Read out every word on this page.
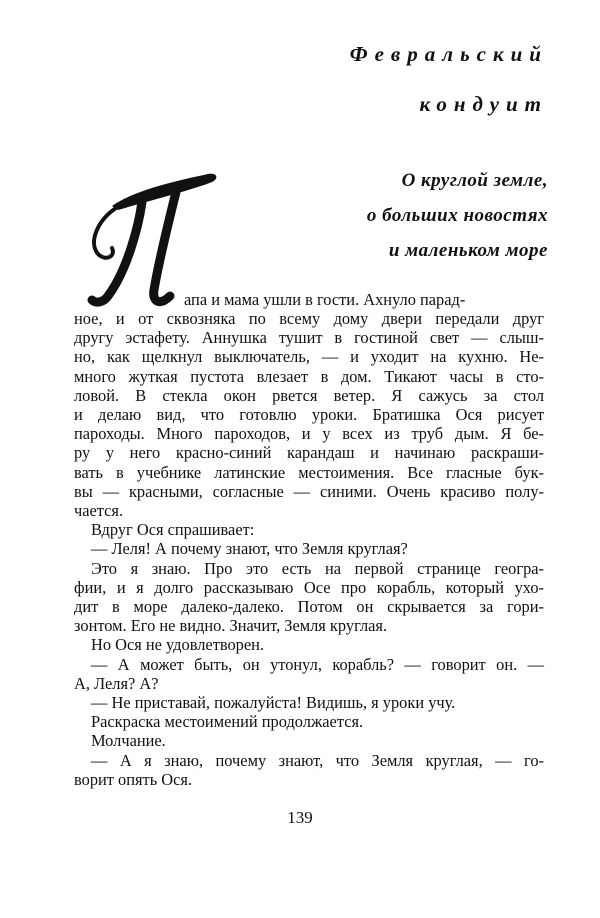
Февральский
кондуит

О круглой земле,

о больших новостях

и маленьком море

апа и мама ушли в гости. Ахнуло парад-
ное, и от сквозняка по всему дому двери передали друг
другу эстафету. Аннушка тушит в гостиной свет — слыш-
но, как щелкнул выключатель, — и уходит на кухню. Не-
много жуткая пустота влезает в дом. Тикают часы в сто-
ловой. В стекла окон рвется ветер. Я сажусь за стол
и делаю вид, что готовлю уроки. Братишка Ося рисует
пароходы. Много пароходов, и у всех из труб дым. Я бе-
ру у него красно-синий карандаш и начинаю раскраши-
вать в учебнике латинские местоимения. Все гласные бук-
вы — красными, согласные — синими. Очень красиво полу-
чается.
Вдруг Ося спрашивает:
— Леля! А почему знают, что Земля круглая?
Это я знаю. Про это есть на первой странице геогра-
фии, и я долго рассказываю Осе про корабль, который ухо-
дит в море далеко-далеко. Потом он скрывается за гори-
зонтом. Его не видно. Значит, Земля круглая.
Но Ося не удовлетворен.
— А может быть, он утонул, корабль? — говорит он. —
А, Леля? А?
— Не приставай, пожалуйста! Видишь, я уроки учу.
Раскраска местоимений продолжается.
Молчание.
— А я знаю, почему знают, что Земля круглая, — го-
ворит опять Ося.
139
